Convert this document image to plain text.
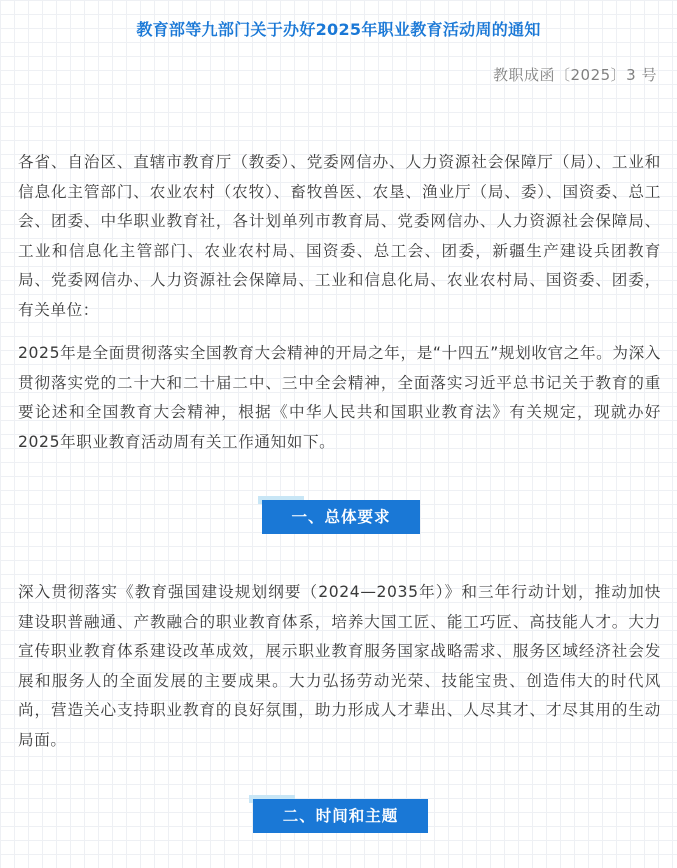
教育部等九部门关于办好2025年职业教育活动周的通知
教职成函〔2025〕3 号

各省、自治区、直辖市教育厅（教委）、党委网信办、人力资源社会保障厅（局）、工业和信息化主管部门、农业农村（农牧）、畜牧兽医、农垦、渔业厅（局、委）、国资委、总工会、团委、中华职业教育社，各计划单列市教育局、党委网信办、人力资源社会保障局、工业和信息化主管部门、农业农村局、国资委、总工会、团委，新疆生产建设兵团教育局、党委网信办、人力资源社会保障局、工业和信息化局、农业农村局、国资委、团委，有关单位：

2025年是全面贯彻落实全国教育大会精神的开局之年，是“十四五”规划收官之年。为深入贯彻落实党的二十大和二十届二中、三中全会精神，全面落实习近平总书记关于教育的重要论述和全国教育大会精神，根据《中华人民共和国职业教育法》有关规定，现就办好2025年职业教育活动周有关工作通知如下。

一、总体要求

深入贯彻落实《教育强国建设规划纲要（2024—2035年）》和三年行动计划，推动加快建设职普融通、产教融合的职业教育体系，培养大国工匠、能工巧匠、高技能人才。大力宣传职业教育体系建设改革成效，展示职业教育服务国家战略需求、服务区域经济社会发展和服务人的全面发展的主要成果。大力弘扬劳动光荣、技能宝贵、创造伟大的时代风尚，营造关心支持职业教育的良好氛围，助力形成人才辈出、人尽其才、才尽其用的生动局面。

二、时间和主题
